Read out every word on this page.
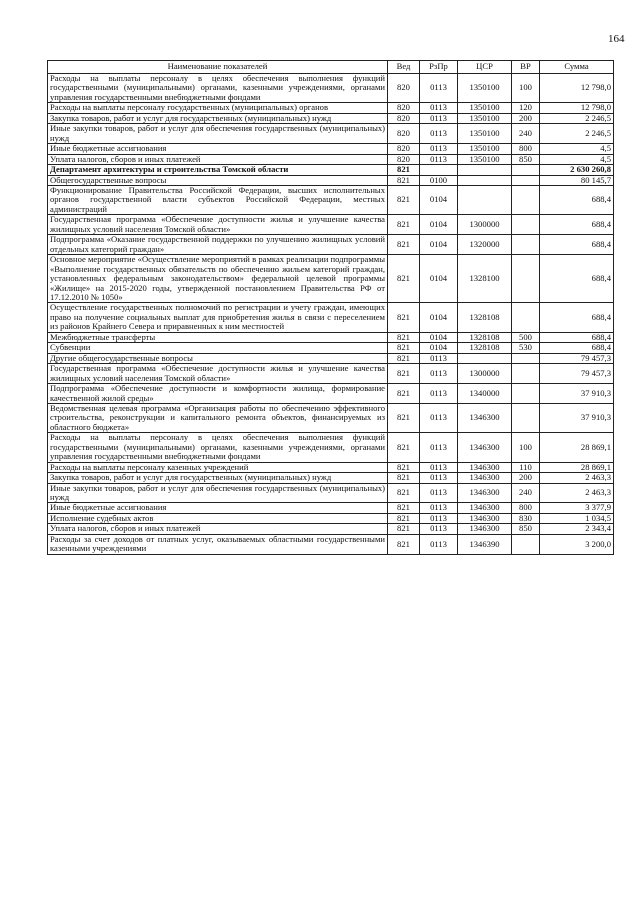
164
Наименование показателей	Вед	РзПр	ЦСР	ВР	Сумма
Расходы на выплаты персоналу в целях обеспечения выполнения функций государственными (муниципальными) органами, казенными учреждениями, органами управления государственными внебюджетными фондами	820	0113	1350100	100	12 798,0
Расходы на выплаты персоналу государственных (муниципальных) органов	820	0113	1350100	120	12 798,0
Закупка товаров, работ и услуг для государственных (муниципальных) нужд	820	0113	1350100	200	2 246,5
Иные закупки товаров, работ и услуг для обеспечения государственных (муниципальных) нужд	820	0113	1350100	240	2 246,5
Иные бюджетные ассигнования	820	0113	1350100	800	4,5
Уплата налогов, сборов и иных платежей	820	0113	1350100	850	4,5
Департамент архитектуры и строительства Томской области	821				2 630 260,8
Общегосударственные вопросы	821	0100			80 145,7
Функционирование Правительства Российской Федерации, высших исполнительных органов государственной власти субъектов Российской Федерации, местных администраций	821	0104			688,4
Государственная программа «Обеспечение доступности жилья и улучшение качества жилищных условий населения Томской области»	821	0104	1300000		688,4
Подпрограмма «Оказание государственной поддержки по улучшению жилищных условий отдельных категорий граждан»	821	0104	1320000		688,4
Основное мероприятие «Осуществление мероприятий в рамках реализации подпрограммы «Выполнение государственных обязательств по обеспечению жильем категорий граждан, установленных федеральным законодательством» федеральной целевой программы «Жилище» на 2015-2020 годы, утвержденной постановлением Правительства РФ от 17.12.2010 № 1050»	821	0104	1328100		688,4
Осуществление государственных полномочий по регистрации и учету граждан, имеющих право на получение социальных выплат для приобретения жилья в связи с переселением из районов Крайнего Севера и приравненных к ним местностей	821	0104	1328108		688,4
Межбюджетные трансферты	821	0104	1328108	500	688,4
Субвенции	821	0104	1328108	530	688,4
Другие общегосударственные вопросы	821	0113			79 457,3
Государственная программа «Обеспечение доступности жилья и улучшение качества жилищных условий населения Томской области»	821	0113	1300000		79 457,3
Подпрограмма «Обеспечение доступности и комфортности жилища, формирование качественной жилой среды»	821	0113	1340000		37 910,3
Ведомственная целевая программа «Организация работы по обеспечению эффективного строительства, реконструкции и капитального ремонта объектов, финансируемых из областного бюджета»	821	0113	1346300		37 910,3
Расходы на выплаты персоналу в целях обеспечения выполнения функций государственными (муниципальными) органами, казенными учреждениями, органами управления государственными внебюджетными фондами	821	0113	1346300	100	28 869,1
Расходы на выплаты персоналу казенных учреждений	821	0113	1346300	110	28 869,1
Закупка товаров, работ и услуг для государственных (муниципальных) нужд	821	0113	1346300	200	2 463,3
Иные закупки товаров, работ и услуг для обеспечения государственных (муниципальных) нужд	821	0113	1346300	240	2 463,3
Иные бюджетные ассигнования	821	0113	1346300	800	3 377,9
Исполнение судебных актов	821	0113	1346300	830	1 034,5
Уплата налогов, сборов и иных платежей	821	0113	1346300	850	2 343,4
Расходы за счет доходов от платных услуг, оказываемых областными государственными казенными учреждениями	821	0113	1346390		3 200,0
